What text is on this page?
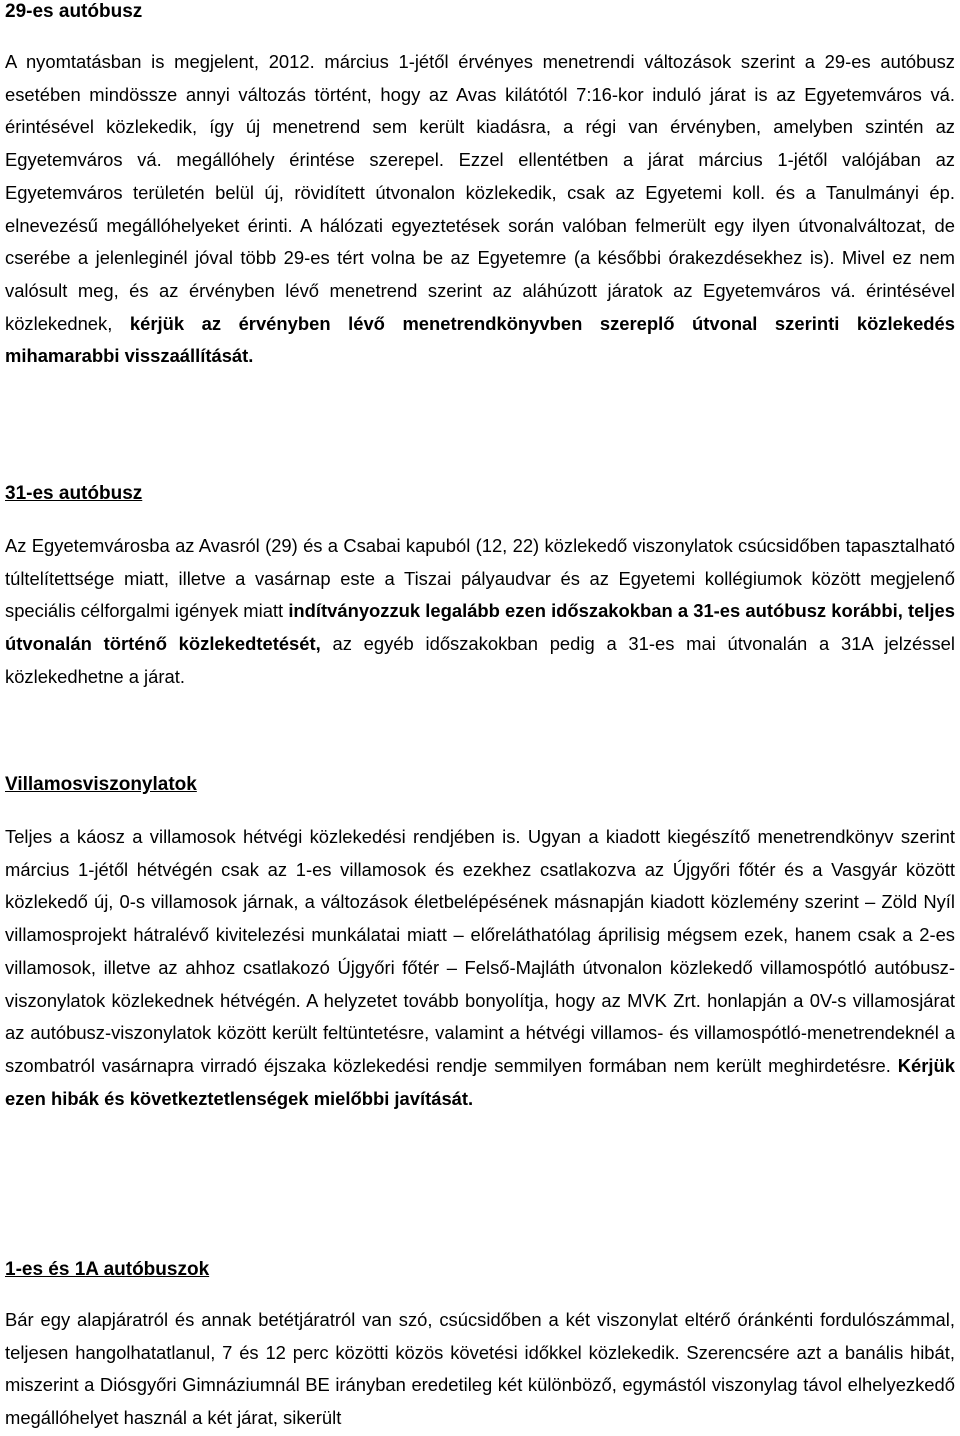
29-es autóbusz

A nyomtatásban is megjelent, 2012. március 1-jétől érvényes menetrendi változások szerint a 29-es autóbusz esetében mindössze annyi változás történt, hogy az Avas kilátótól 7:16-kor induló járat is az Egyetemváros vá. érintésével közlekedik, így új menetrend sem került kiadásra, a régi van érvényben, amelyben szintén az Egyetemváros vá. megállóhely érintése szerepel. Ezzel ellentétben a járat március 1-jétől valójában az Egyetemváros területén belül új, rövidített útvonalon közlekedik, csak az Egyetemi koll. és a Tanulmányi ép. elnevezésű megállóhelyeket érinti. A hálózati egyeztetések során valóban felmerült egy ilyen útvonalváltozat, de cserébe a jelenleginél jóval több 29-es tért volna be az Egyetemre (a későbbi órakezdésekhez is). Mivel ez nem valósult meg, és az érvényben lévő menetrend szerint az aláhúzott járatok az Egyetemváros vá. érintésével közlekednek, kérjük az érvényben lévő menetrendkönyvben szereplő útvonal szerinti közlekedés mihamarabbi visszaállítását.

31-es autóbusz

Az Egyetemvárosba az Avasról (29) és a Csabai kapuból (12, 22) közlekedő viszonylatok csúcsidőben tapasztalható túltelítettsége miatt, illetve a vasárnap este a Tiszai pályaudvar és az Egyetemi kollégiumok között megjelenő speciális célforgalmi igények miatt indítványozzuk legalább ezen időszakokban a 31-es autóbusz korábbi, teljes útvonalán történő közlekedtetését, az egyéb időszakokban pedig a 31-es mai útvonalán a 31A jelzéssel közlekedhetne a járat.

Villamosviszonylatok

Teljes a káosz a villamosok hétvégi közlekedési rendjében is. Ugyan a kiadott kiegészítő menetrendkönyv szerint március 1-jétől hétvégén csak az 1-es villamosok és ezekhez csatlakozva az Újgyőri főtér és a Vasgyár között közlekedő új, 0-s villamosok járnak, a változások életbelépésének másnapján kiadott közlemény szerint – Zöld Nyíl villamosprojekt hátralévő kivitelezési munkálatai miatt – előreláthatólag áprilisig mégsem ezek, hanem csak a 2-es villamosok, illetve az ahhoz csatlakozó Újgyőri főtér – Felső-Majláth útvonalon közlekedő villamospótló autóbusz-viszonylatok közlekednek hétvégén. A helyzetet tovább bonyolítja, hogy az MVK Zrt. honlapján a 0V-s villamosjárat az autóbusz-viszonylatok között került feltüntetésre, valamint a hétvégi villamos- és villamospótló-menetrendeknél a szombatról vasárnapra virradó éjszaka közlekedési rendje semmilyen formában nem került meghirdetésre. Kérjük ezen hibák és következtetlenségek mielőbbi javítását.

1-es és 1A autóbuszok

Bár egy alapjáratról és annak betétjáratról van szó, csúcsidőben a két viszonylat eltérő óránkénti fordulószámmal, teljesen hangolhatatlanul, 7 és 12 perc közötti közös követési időkkel közlekedik. Szerencsére azt a banális hibát, miszerint a Diósgyőri Gimnáziumnál BE irányban eredetileg két különböző, egymástól viszonylag távol elhelyezkedő megállóhelyet használ a két járat, sikerült
